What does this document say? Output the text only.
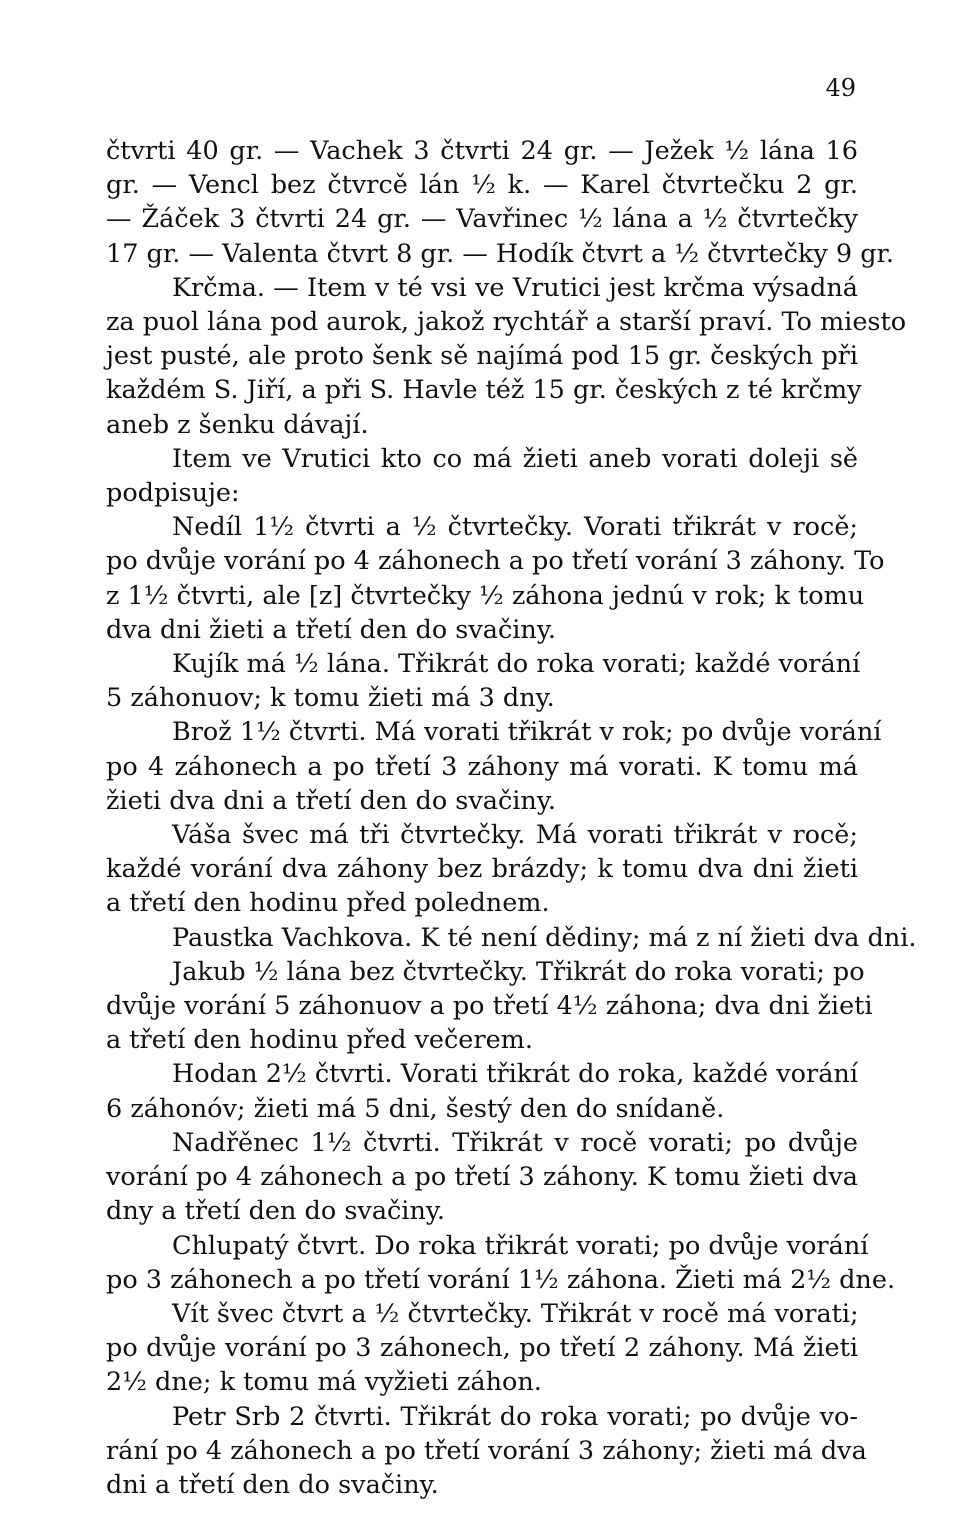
49
čtvrti 40 gr. — Vachek 3 čtvrti 24 gr. — Ježek ½ lána 16
gr. — Vencl bez čtvrcě lán ½ k. — Karel čtvrtečku 2 gr.
— Žáček 3 čtvrti 24 gr. — Vavřinec ½ lána a ½ čtvrtečky
17 gr. — Valenta čtvrt 8 gr. — Hodík čtvrt a ½ čtvrtečky 9 gr.
Krčma. — Item v té vsi ve Vrutici jest krčma výsadná
za puol lána pod aurok, jakož rychtář a starší praví. To miesto
jest pusté, ale proto šenk sě najímá pod 15 gr. českých při
každém S. Jiří, a při S. Havle též 15 gr. českých z té krčmy
aneb z šenku dávají.
Item ve Vrutici kto co má žieti aneb vorati doleji sě
podpisuje:
Nedíl 1½ čtvrti a ½ čtvrtečky. Vorati třikrát v rocě;
po dvůje vorání po 4 záhonech a po třetí vorání 3 záhony. To
z 1½ čtvrti, ale [z] čtvrtečky ½ záhona jednú v rok; k tomu
dva dni žieti a třetí den do svačiny.
Kujík má ½ lána. Třikrát do roka vorati; každé vorání
5 záhonuov; k tomu žieti má 3 dny.
Brož 1½ čtvrti. Má vorati třikrát v rok; po dvůje vorání
po 4 záhonech a po třetí 3 záhony má vorati. K tomu má
žieti dva dni a třetí den do svačiny.
Váša švec má tři čtvrtečky. Má vorati třikrát v rocě;
každé vorání dva záhony bez brázdy; k tomu dva dni žieti
a třetí den hodinu před polednem.
Paustka Vachkova. K té není dědiny; má z ní žieti dva dni.
Jakub ½ lána bez čtvrtečky. Třikrát do roka vorati; po
dvůje vorání 5 záhonuov a po třetí 4½ záhona; dva dni žieti
a třetí den hodinu před večerem.
Hodan 2½ čtvrti. Vorati třikrát do roka, každé vorání
6 záhonóv; žieti má 5 dni, šestý den do snídaně.
Nadřěnec 1½ čtvrti. Třikrát v rocě vorati; po dvůje
vorání po 4 záhonech a po třetí 3 záhony. K tomu žieti dva
dny a třetí den do svačiny.
Chlupatý čtvrt. Do roka třikrát vorati; po dvůje vorání
po 3 záhonech a po třetí vorání 1½ záhona. Žieti má 2½ dne.
Vít švec čtvrt a ½ čtvrtečky. Třikrát v rocě má vorati;
po dvůje vorání po 3 záhonech, po třetí 2 záhony. Má žieti
2½ dne; k tomu má vyžieti záhon.
Petr Srb 2 čtvrti. Třikrát do roka vorati; po dvůje vo-
rání po 4 záhonech a po třetí vorání 3 záhony; žieti má dva
dni a třetí den do svačiny.
